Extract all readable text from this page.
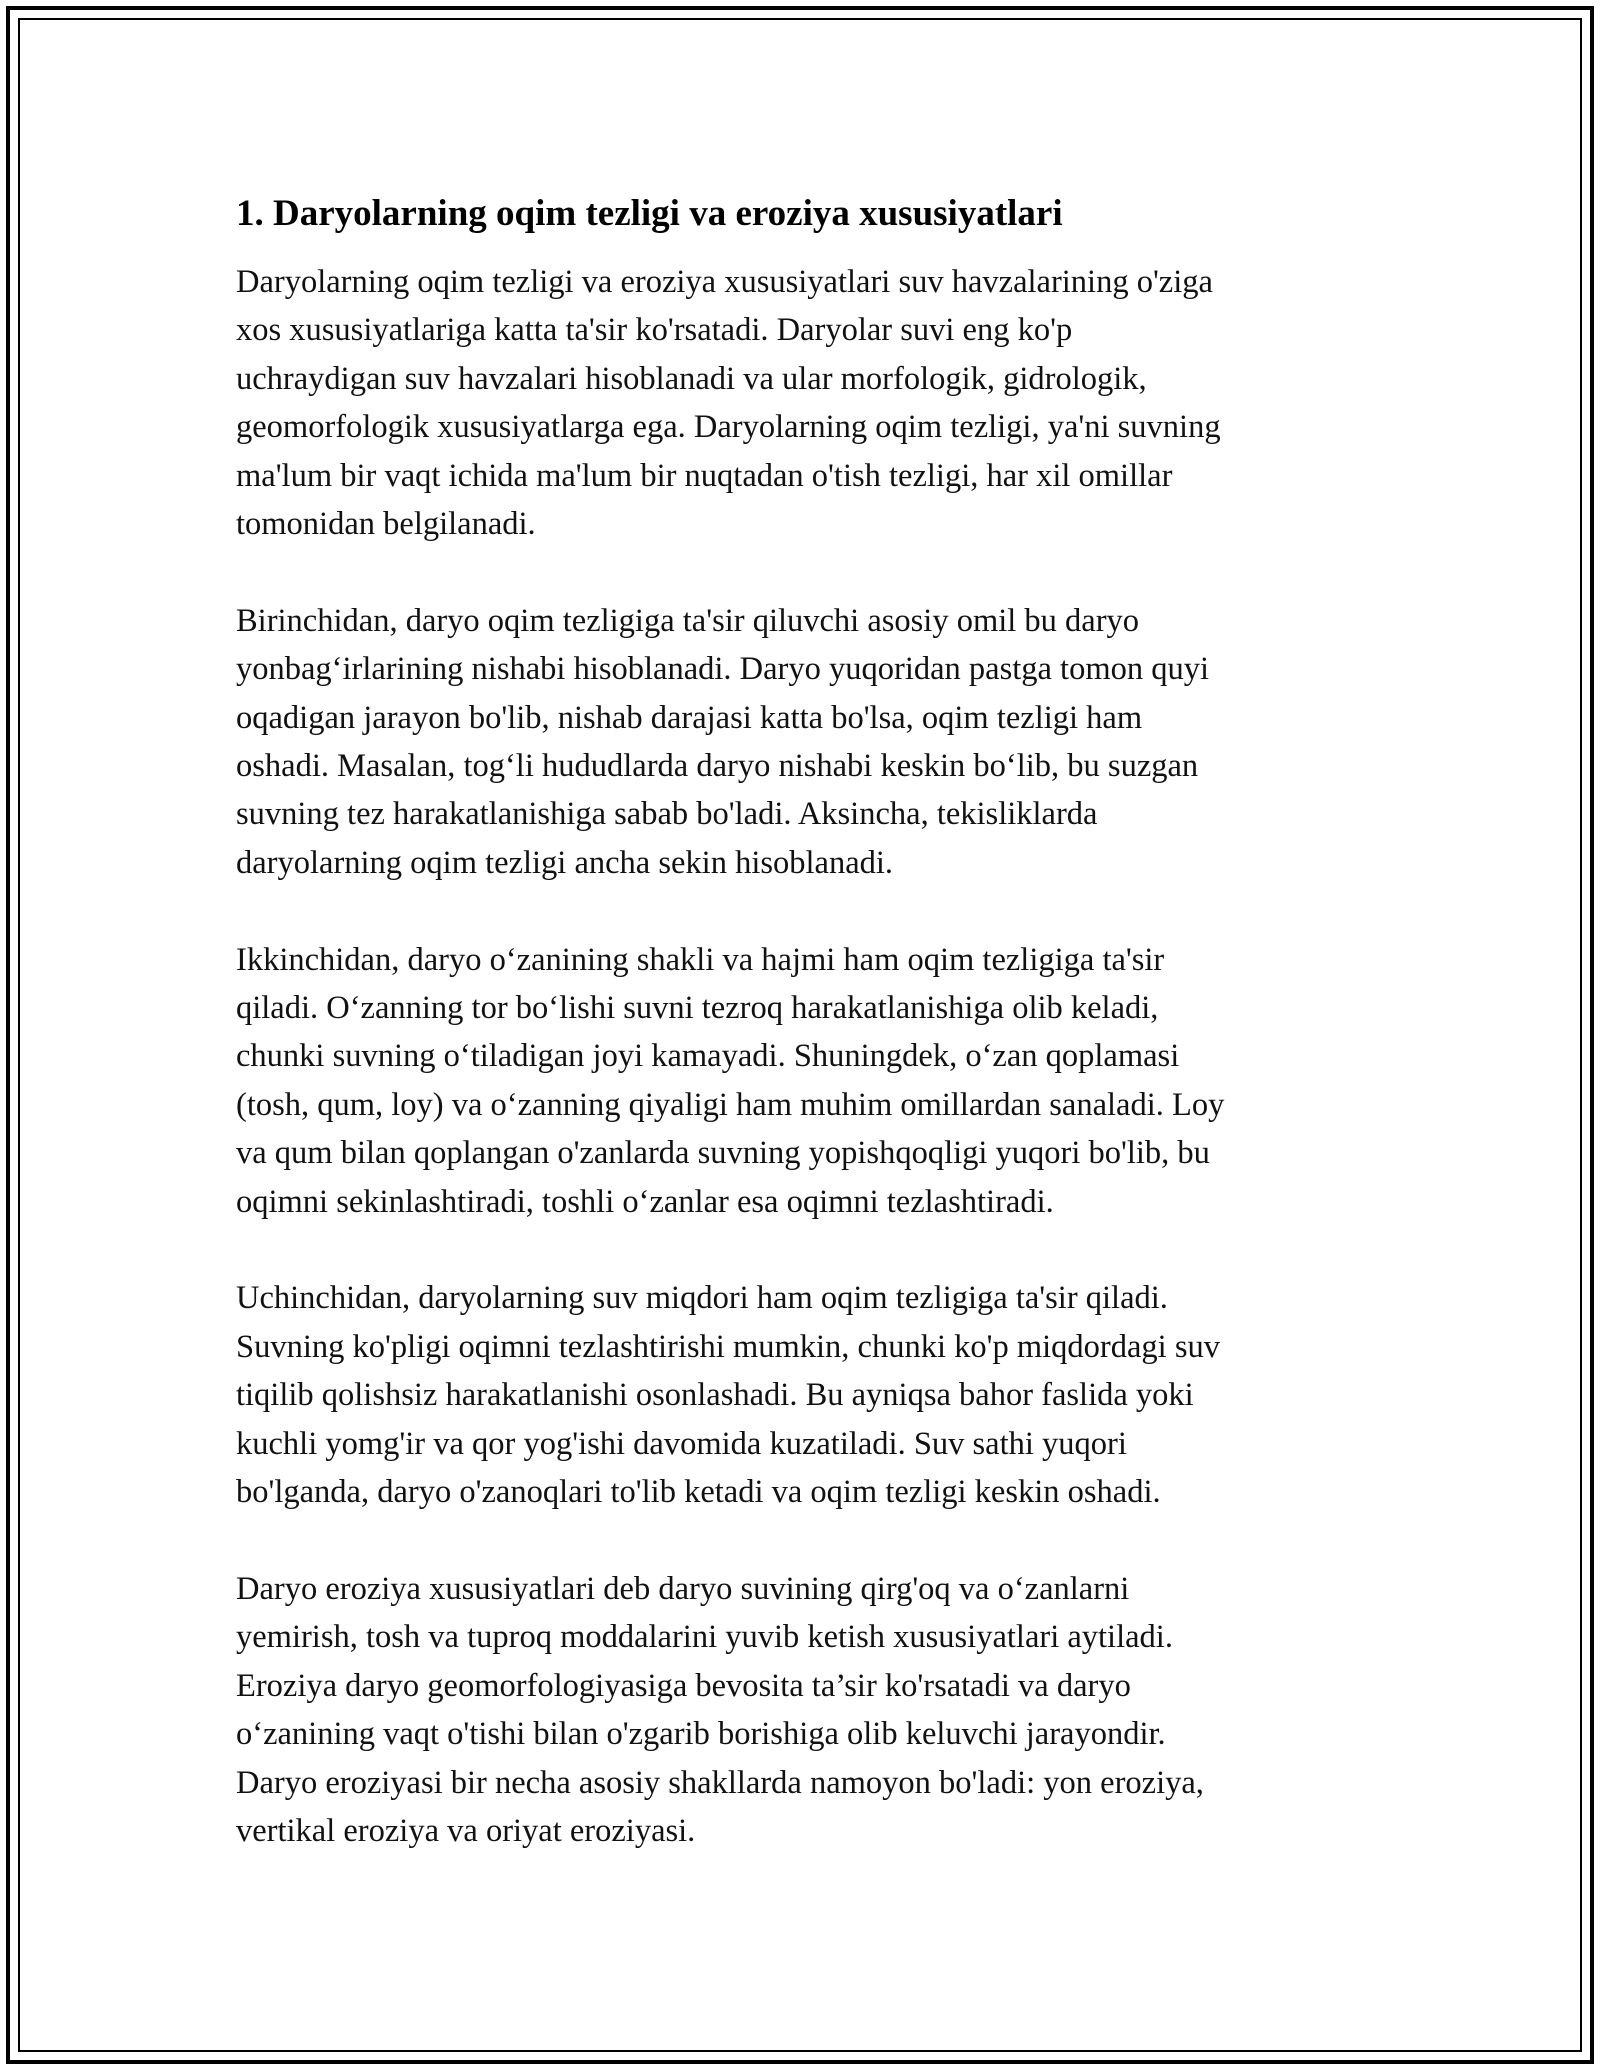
1. Daryolarning oqim tezligi va eroziya xususiyatlari

Daryolarning oqim tezligi va eroziya xususiyatlari suv havzalarining o'ziga
xos xususiyatlariga katta ta'sir ko'rsatadi. Daryolar suvi eng ko'p
uchraydigan suv havzalari hisoblanadi va ular morfologik, gidrologik,
geomorfologik xususiyatlarga ega. Daryolarning oqim tezligi, ya'ni suvning
ma'lum bir vaqt ichida ma'lum bir nuqtadan o'tish tezligi, har xil omillar
tomonidan belgilanadi.

Birinchidan, daryo oqim tezligiga ta'sir qiluvchi asosiy omil bu daryo
yonbag‘irlarining nishabi hisoblanadi. Daryo yuqoridan pastga tomon quyi
oqadigan jarayon bo'lib, nishab darajasi katta bo'lsa, oqim tezligi ham
oshadi. Masalan, tog‘li hududlarda daryo nishabi keskin bo‘lib, bu suzgan
suvning tez harakatlanishiga sabab bo'ladi. Aksincha, tekisliklarda
daryolarning oqim tezligi ancha sekin hisoblanadi.

Ikkinchidan, daryo o‘zanining shakli va hajmi ham oqim tezligiga ta'sir
qiladi. O‘zanning tor bo‘lishi suvni tezroq harakatlanishiga olib keladi,
chunki suvning o‘tiladigan joyi kamayadi. Shuningdek, o‘zan qoplamasi
(tosh, qum, loy) va o‘zanning qiyaligi ham muhim omillardan sanaladi. Loy
va qum bilan qoplangan o'zanlarda suvning yopishqoqligi yuqori bo'lib, bu
oqimni sekinlashtiradi, toshli o‘zanlar esa oqimni tezlashtiradi.

Uchinchidan, daryolarning suv miqdori ham oqim tezligiga ta'sir qiladi.
Suvning ko'pligi oqimni tezlashtirishi mumkin, chunki ko'p miqdordagi suv
tiqilib qolishsiz harakatlanishi osonlashadi. Bu ayniqsa bahor faslida yoki
kuchli yomg'ir va qor yog'ishi davomida kuzatiladi. Suv sathi yuqori
bo'lganda, daryo o'zanoqlari to'lib ketadi va oqim tezligi keskin oshadi.

Daryo eroziya xususiyatlari deb daryo suvining qirg'oq va o‘zanlarni
yemirish, tosh va tuproq moddalarini yuvib ketish xususiyatlari aytiladi.
Eroziya daryo geomorfologiyasiga bevosita ta’sir ko'rsatadi va daryo
o‘zanining vaqt o'tishi bilan o'zgarib borishiga olib keluvchi jarayondir.
Daryo eroziyasi bir necha asosiy shakllarda namoyon bo'ladi: yon eroziya,
vertikal eroziya va oriyat eroziyasi.
